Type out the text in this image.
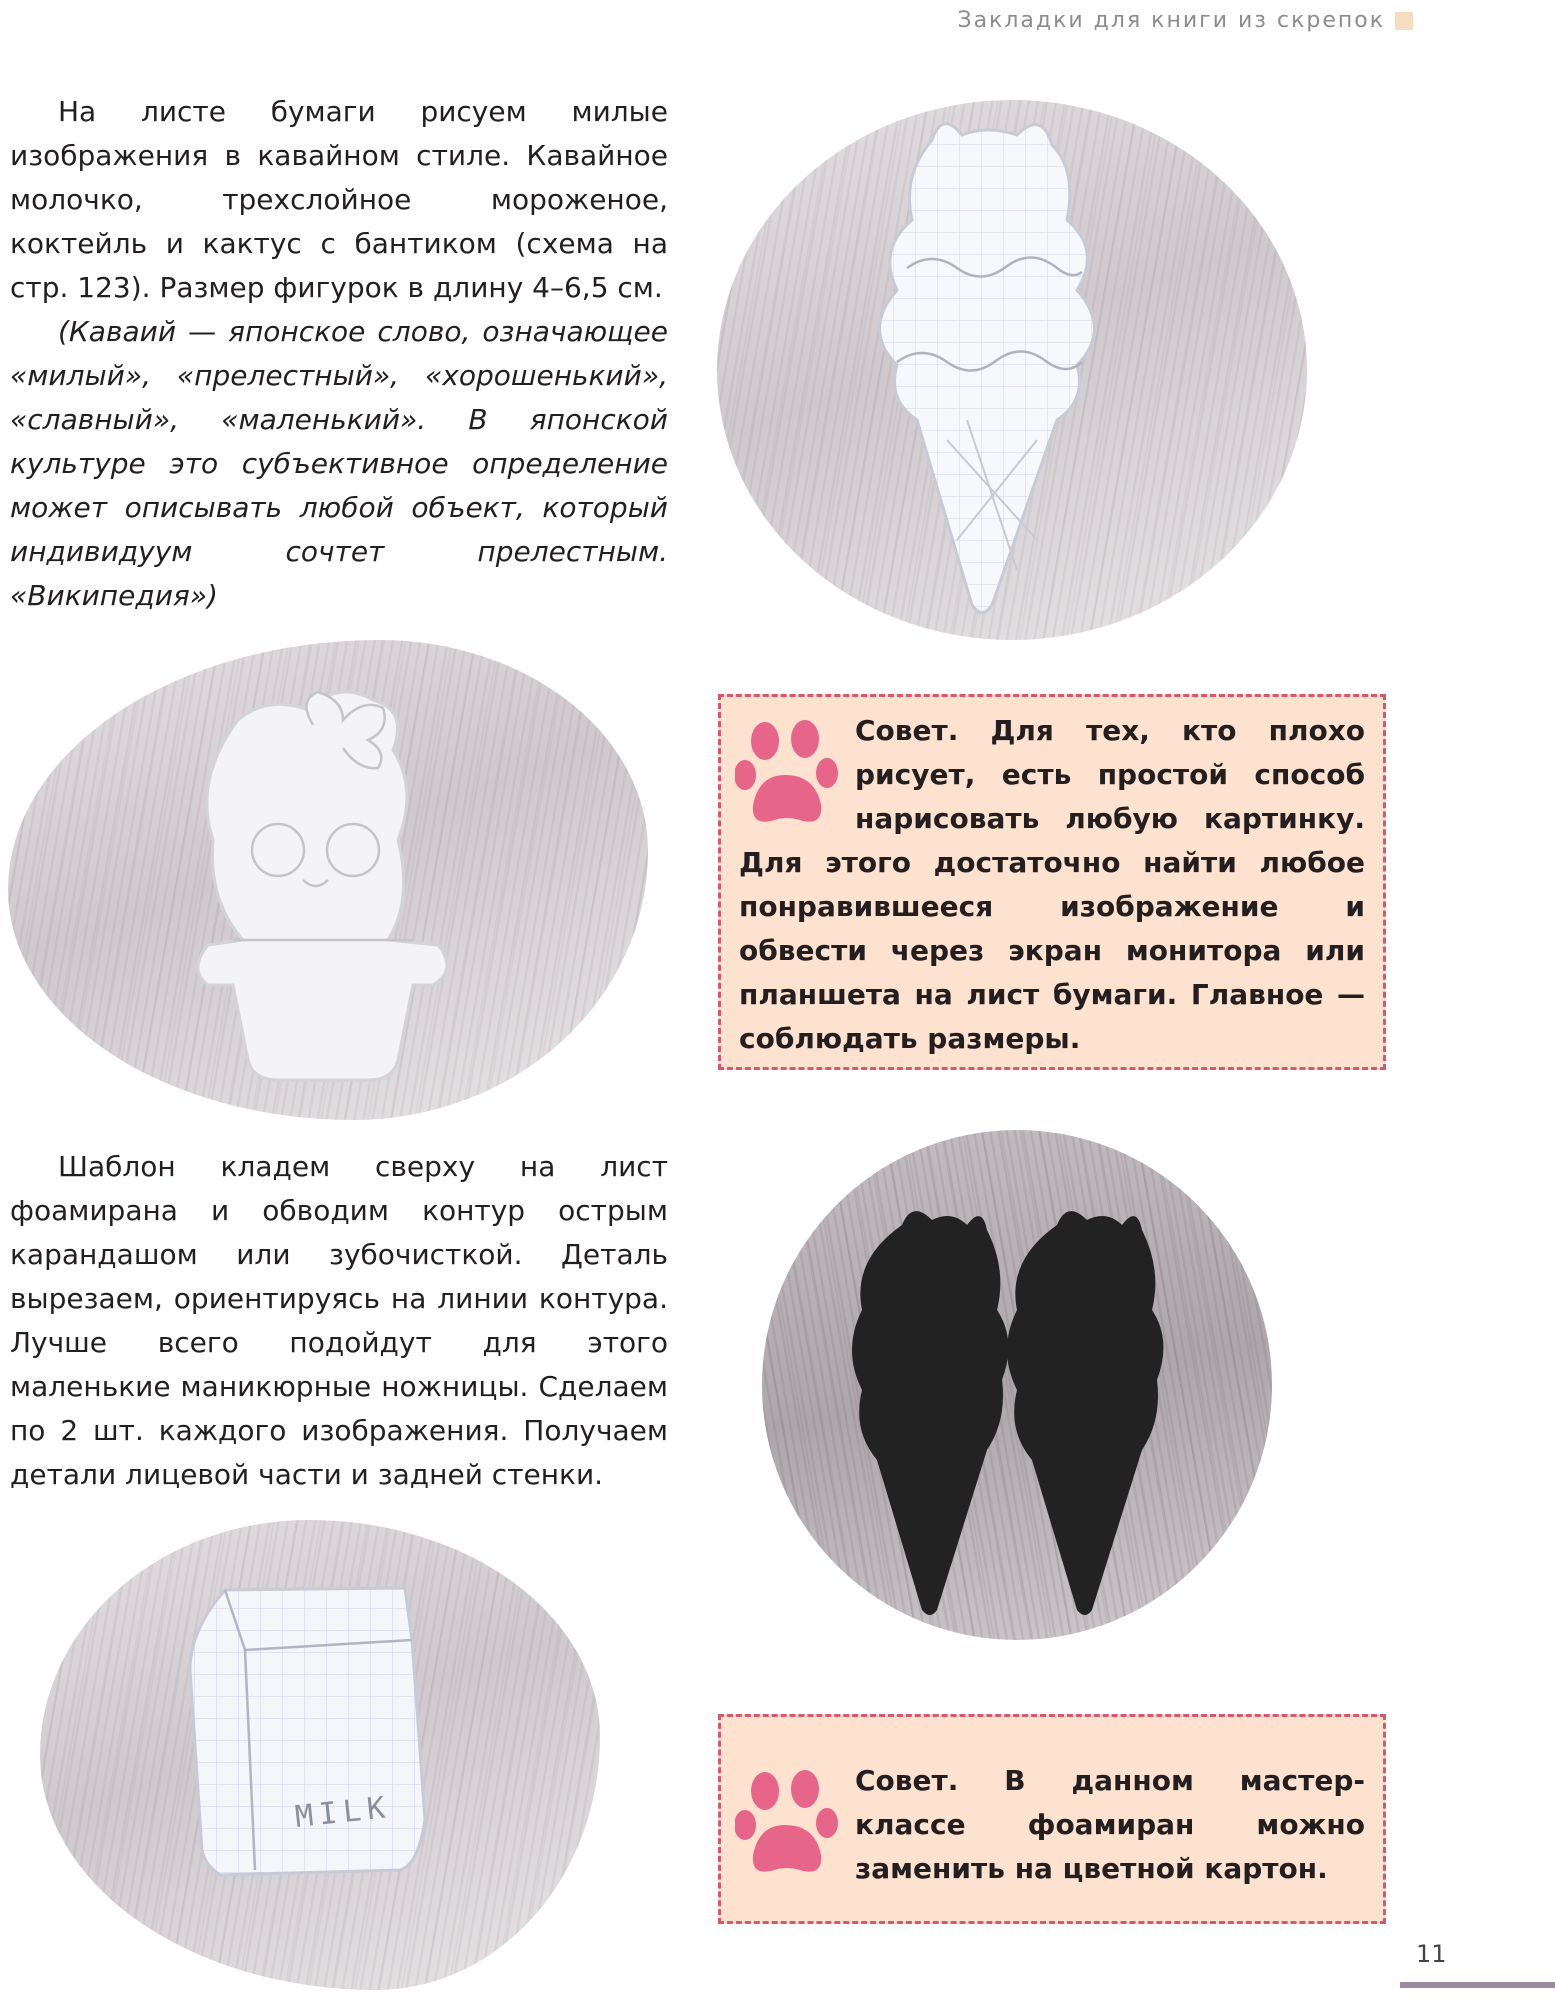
Закладки для книги из скрепок

На листе бумаги рисуем милые изображения в кавайном стиле. Кавайное молочко, трехслойное мороженое, коктейль и кактус с бантиком (схема на стр. 123). Размер фигурок в длину 4–6,5 см.

(Каваий — японское слово, означающее «милый», «прелестный», «хорошенький», «славный», «маленький». В японской культуре это субъективное определение может описывать любой объект, который индивидуум сочтет прелестным. «Википедия»)

Шаблон кладем сверху на лист фоамирана и обводим контур острым карандашом или зубочисткой. Деталь вырезаем, ориентируясь на линии контура. Лучше всего подойдут для этого маленькие маникюрные ножницы. Сделаем по 2 шт. каждого изображения. Получаем детали лицевой части и задней стенки.

Совет. Для тех, кто плохо рисует, есть простой способ нарисовать любую картинку. Для этого достаточно найти любое понравившееся изображение и обвести через экран монитора или планшета на лист бумаги. Главное — соблюдать размеры.

MILK

Совет. В данном мастер-классе фоамиран можно заменить на цветной картон.

11
